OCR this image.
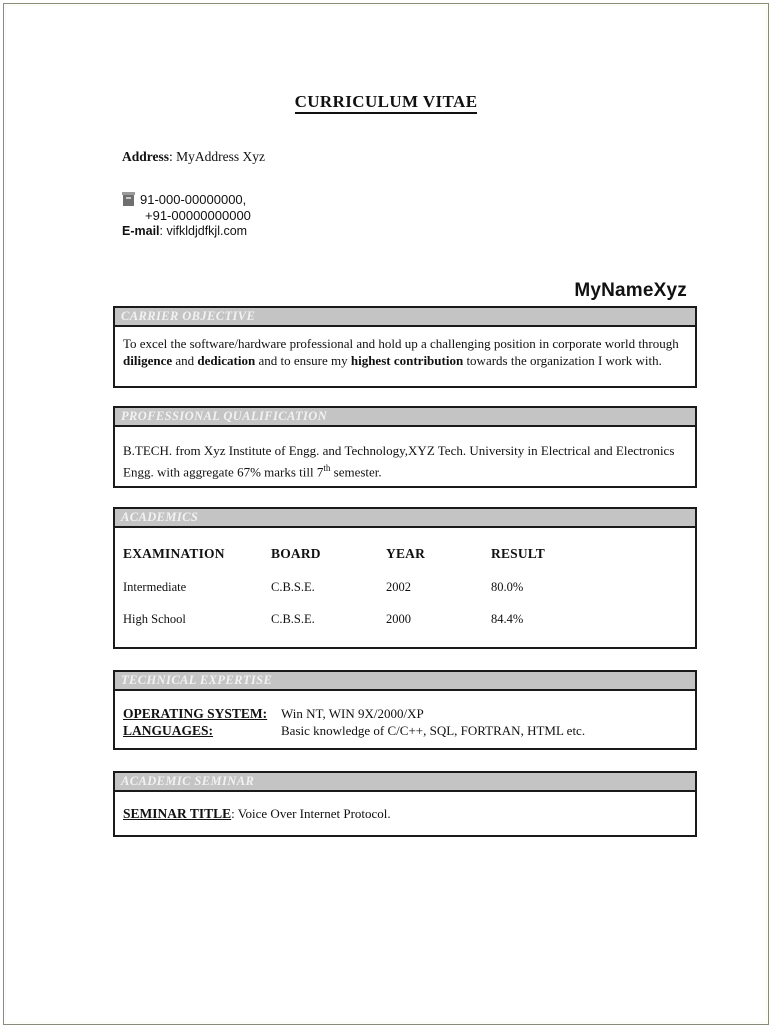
CURRICULUM VITAE
Address: MyAddress Xyz
91-000-00000000,
+91-00000000000
E-mail: vifkldjdfkjl.com
MyNameXyz
CARRIER OBJECTIVE
To excel the software/hardware professional and hold up a challenging position in corporate world through diligence and dedication and to ensure my highest contribution towards the organization I work with.
PROFESSIONAL QUALIFICATION
B.TECH. from Xyz Institute of Engg. and Technology,XYZ Tech. University in Electrical and Electronics Engg. with aggregate 67% marks till 7th semester.
ACADEMICS
EXAMINATION	BOARD	YEAR	RESULT
Intermediate	C.B.S.E.	2002	80.0%
High School	C.B.S.E.	2000	84.4%
TECHNICAL EXPERTISE
OPERATING SYSTEM:	Win NT, WIN 9X/2000/XP
LANGUAGES:	Basic knowledge of C/C++, SQL, FORTRAN, HTML etc.
ACADEMIC SEMINAR
SEMINAR TITLE: Voice Over Internet Protocol.
